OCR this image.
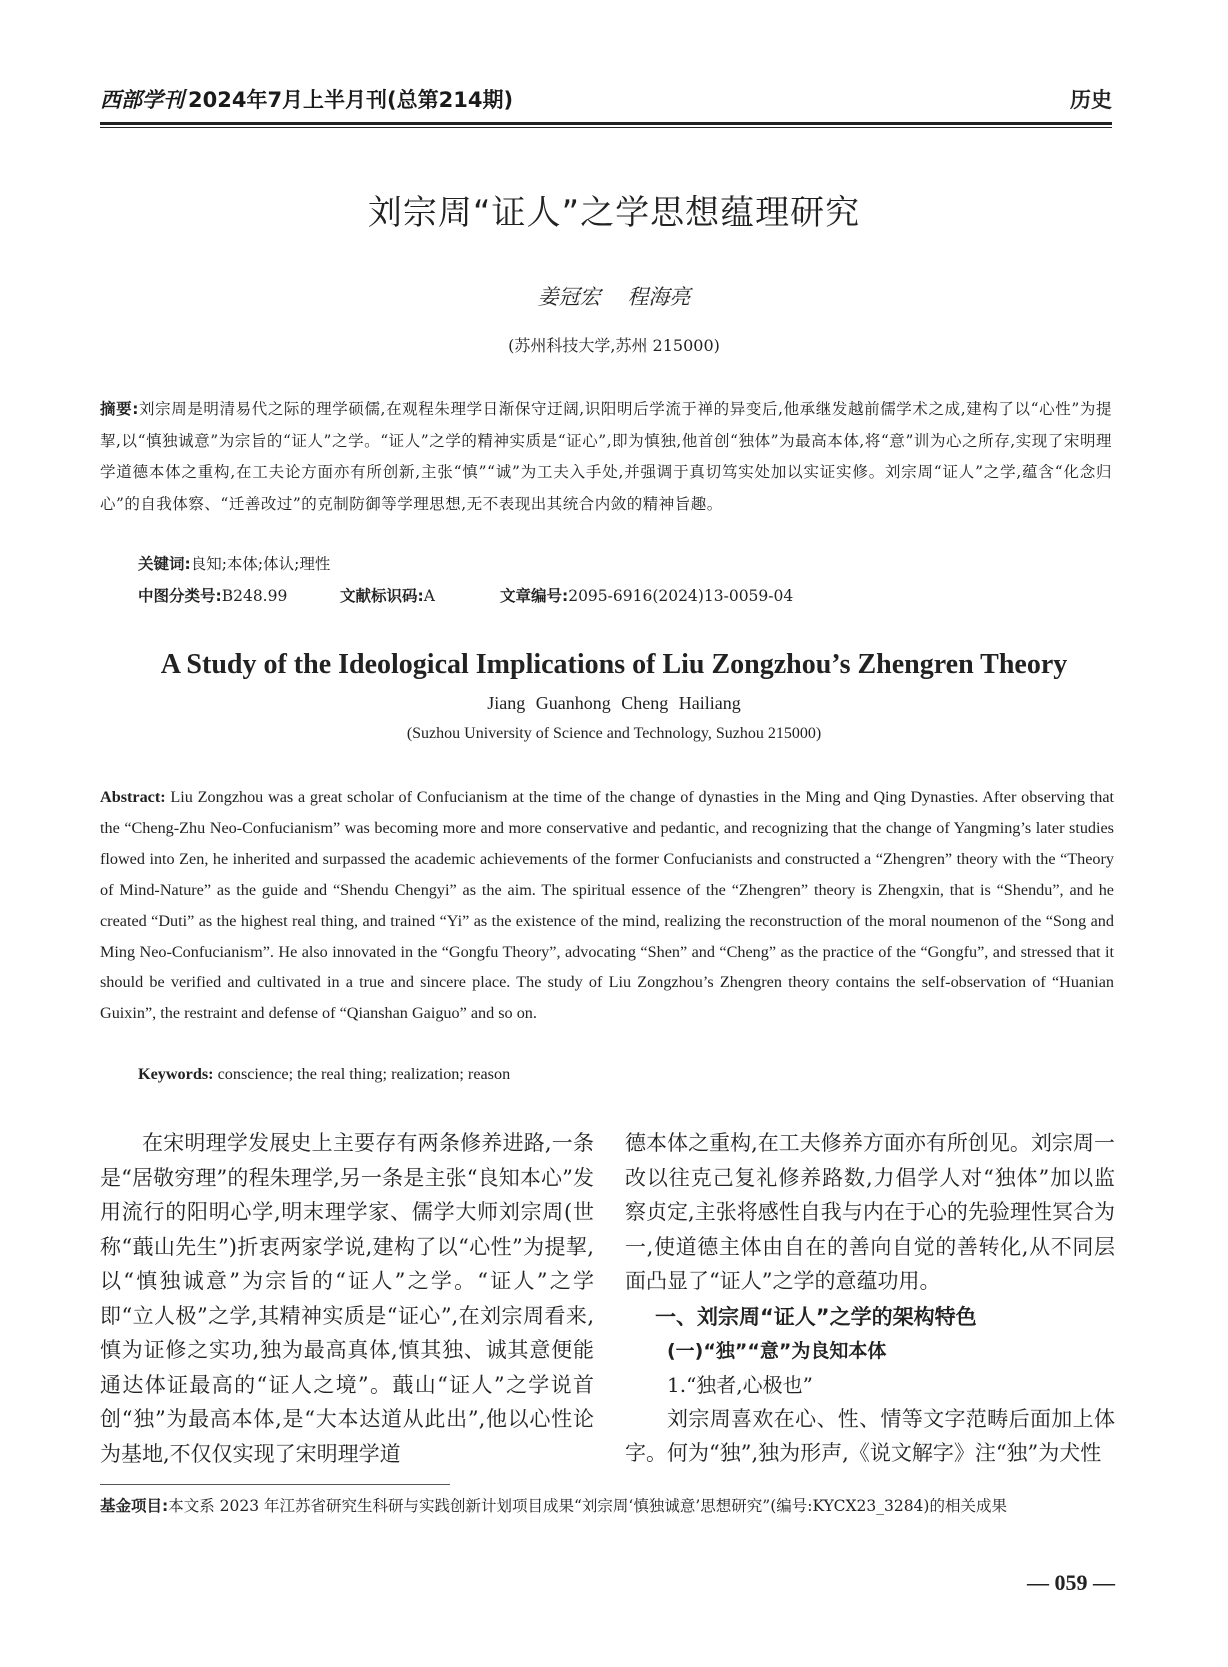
西部学刊 2024年7月上半月刊(总第214期)	历史
刘宗周“证人”之学思想蕴理研究
姜冠宏 程海亮
(苏州科技大学,苏州 215000)
摘要:刘宗周是明清易代之际的理学硕儒,在观程朱理学日渐保守迂阔,识阳明后学流于禅的异变后,他承继发越前儒学术之成,建构了以“心性”为提挈,以“慎独诚意”为宗旨的“证人”之学。“证人”之学的精神实质是“证心”,即为慎独,他首创“独体”为最高本体,将“意”训为心之所存,实现了宋明理学道德本体之重构,在工夫论方面亦有所创新,主张“慎”“诚”为工夫入手处,并强调于真切笃实处加以实证实修。刘宗周“证人”之学,蕴含“化念归心”的自我体察、“迁善改过”的克制防御等学理思想,无不表现出其统合内敛的精神旨趣。
关键词:良知;本体;体认;理性
中图分类号:B248.99	文献标识码:A	文章编号:2095-6916(2024)13-0059-04
A Study of the Ideological Implications of Liu Zongzhou’s Zhengren Theory
Jiang Guanhong Cheng Hailiang
(Suzhou University of Science and Technology, Suzhou 215000)
Abstract: Liu Zongzhou was a great scholar of Confucianism at the time of the change of dynasties in the Ming and Qing Dynasties. After observing that the “Cheng-Zhu Neo-Confucianism” was becoming more and more conservative and pedantic, and recognizing that the change of Yangming’s later studies flowed into Zen, he inherited and surpassed the academic achievements of the former Confucianists and constructed a “Zhengren” theory with the “Theory of Mind-Nature” as the guide and “Shendu Chengyi” as the aim. The spiritual essence of the “Zhengren” theory is Zhengxin, that is “Shendu”, and he created “Duti” as the highest real thing, and trained “Yi” as the existence of the mind, realizing the reconstruction of the moral noumenon of the “Song and Ming Neo-Confucianism”. He also innovated in the “Gongfu Theory”, advocating “Shen” and “Cheng” as the practice of the “Gongfu”, and stressed that it should be verified and cultivated in a true and sincere place. The study of Liu Zongzhou’s Zhengren theory contains the self-observation of “Huanian Guixin”, the restraint and defense of “Qianshan Gaiguo” and so on.
Keywords: conscience; the real thing; realization; reason

在宋明理学发展史上主要存有两条修养进路,一条是“居敬穷理”的程朱理学,另一条是主张“良知本心”发用流行的阳明心学,明末理学家、儒学大师刘宗周(世称“蕺山先生”)折衷两家学说,建构了以“心性”为提挈,以“慎独诚意”为宗旨的“证人”之学。“证人”之学即“立人极”之学,其精神实质是“证心”,在刘宗周看来,慎为证修之实功,独为最高真体,慎其独、诚其意便能通达体证最高的“证人之境”。蕺山“证人”之学说首创“独”为最高本体,是“大本达道从此出”,他以心性论为基地,不仅仅实现了宋明理学道

德本体之重构,在工夫修养方面亦有所创见。刘宗周一改以往克己复礼修养路数,力倡学人对“独体”加以监察贞定,主张将感性自我与内在于心的先验理性冥合为一,使道德主体由自在的善向自觉的善转化,从不同层面凸显了“证人”之学的意蕴功用。

一、刘宗周“证人”之学的架构特色
(一)“独”“意”为良知本体
1.“独者,心极也”

刘宗周喜欢在心、性、情等文字范畴后面加上体字。何为“独”,独为形声,《说文解字》注“独”为犬性

基金项目:本文系 2023 年江苏省研究生科研与实践创新计划项目成果“刘宗周‘慎独诚意’思想研究”(编号:KYCX23_3284)的相关成果
— 059 —
